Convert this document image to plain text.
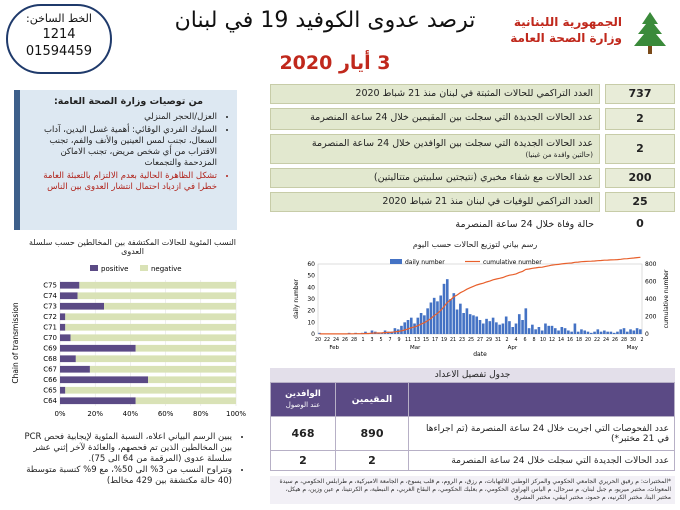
الخط الساخن:
1214
01594459
ترصد عدوى الكوفيد 19 في لبنان
3 أيار 2020
الجمهورية اللبنانية
وزارة الصحة العامة
العدد التراكمي للحالات المثبتة في لبنان منذ 21 شباط 2020	737
عدد الحالات الجديدة التي سجلت بين المقيمين خلال 24 ساعة المنصرمة	2
عدد الحالات الجديدة التي سجلت بين الوافدين خلال 24 ساعة المنصرمة
(حالتين وافدة من غينيا)	2
عدد الحالات مع شفاء مخبري (نتيجتين سلبيتين متتاليتين)	200
العدد التراكمي للوفيات في لبنان منذ 21 شباط 2020	25
حالة وفاة خلال 24 ساعة المنصرمة	0
من توصيات وزارة الصحة العامة:
• العزل/الحجر المنزلي
• السلوك الفردي الوقائي: أهمية غسل اليدين، آداب السعال، تجنب لمس العينين والأنف والفم، تجنب الاقتراب من أي شخص مريض، تجنب الاماكن المزدحمة والتجمعات
• تشكل الظاهرة الحالية بعدم الالتزام بالتعبئة العامة خطرا في ازدياد احتمال انتشار العدوى بين الناس
النسب المئوية للحالات المكتشفة بين المخالطين حسب سلسلة العدوى
positive	negative
0%	20%	40%	60%	80% 100%
C75
C74
C73
C72
C71
C70
C69
C68
C67
C66
C65
C64
Chain of transmission
رسم بياني لتوزيع الحالات حسب اليوم
daily number	cumulative number
0
10
20
30
40
50
60
0
200
400
600
800
20 22 24 26 28 1 3 5 7 9 11 13 15 17 19 21 23 25 27 29 31 2 4 6 8 10 12 14 16 18 20 22 24 26 28 30 2
Feb	Mar	Apr	May
date
daily number	cumulative number
• يبين الرسم البياني اعلاه، النسبة المئوية لإيجابية فحص PCR بين المخالطين الذين تم فحصهم، والعائدة لآخر إثني عشر سلسلة عدوى (المرقمة من 64 الى 75).
• وتتراوح النسب من 3% الى 50%، مع 9% كنسبة متوسطة (40 حالة مكتشفة بين 429 مخالط)
جدول تفصيل الاعداد
الوافدين
عند الوصول	المقيمين	
468	890	عدد الفحوصات التي اجريت خلال 24 ساعة المنصرمة (تم اجراءها في 21 مختبر*)
2	2	عدد الحالات الجديدة التي سجلت خلال 24 ساعة المنصرمة
*المختبرات: م رفيق الحريري الجامعي الحكومي والمركز الوطني للالتهابات، م رزق، م الروم، م قلب يسوع، م الجامعة الاميركية، م طرابلس الحكومي، م سيدة المعونات، مختبر ميريو، م جبل لبنان، م سرحال، م الياس الهراوي الحكومي، م بعلبك الحكومي، م البقاع الغربي، م النبطية، م الكرنتينا، م عين وزين، م هيكل، مختبر البنا، مختبر الكرنيه، م حمود، مختبر ابيقي، مختبر المشرق
